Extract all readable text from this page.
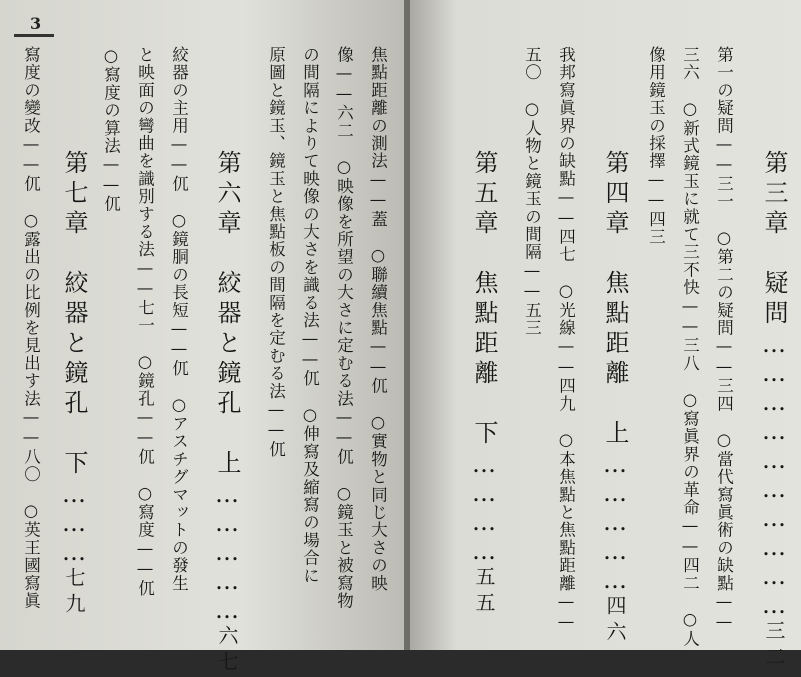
3
焦點距離の測法——蓋　○聯續焦點——㐳　○實物と同じ大さの映
像——六二　○映像を所望の大さに定むる法——㐳　○鏡玉と被寫物
の間隔によりて映像の大さを識る法——㐳　○伸寫及縮寫の場合に
原圖と鏡玉、鏡玉と焦點板の間隔を定むる法——㐳
第六章　絞器と鏡孔　上……………六七
絞器の主用——㐳　○鏡胴の長短——㐳　○アスチグマットの發生
と映面の彎曲を識別する法——七一　○鏡孔——㐳　○寫度——㐳
○寫度の算法——㐳
第七章　絞器と鏡孔　下………七九
寫度の變改——㐳　○露出の比例を見出す法——八〇　○英王國寫眞	第三章　疑問…………………………三二
第一の疑問——三一　○第二の疑問——三四　○當代寫眞術の缺點——
三六　○新式鏡玉に就て三不快——三八　○寫眞界の革命——四二　○人
像用鏡玉の採擇——四三
第四章　焦點距離　上……………四六
我邦寫眞界の缺點——四七　○光線——四九　○本焦點と焦點距離——
五〇　○人物と鏡玉の間隔——五三
第五章　焦點距離　下…………五五
